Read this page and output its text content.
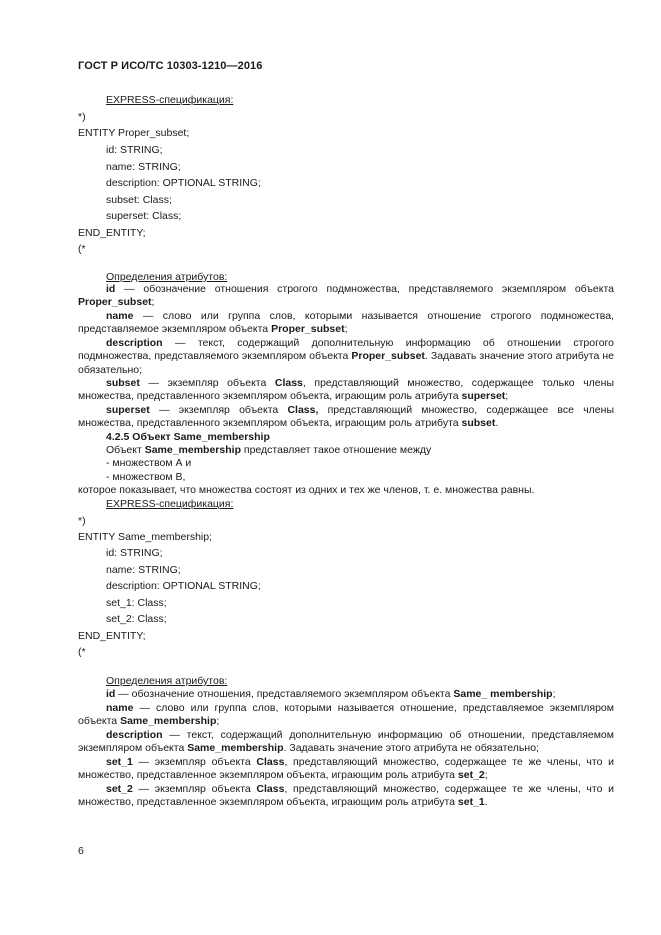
ГОСТ Р ИСО/ТС 10303-1210—2016
EXPRESS-спецификация:
*)
ENTITY Proper_subset;
id: STRING;
name: STRING;
description: OPTIONAL STRING;
subset: Class;
superset: Class;
END_ENTITY;
(*
Определения атрибутов:
id — обозначение отношения строгого подмножества, представляемого экземпляром объекта Proper_subset;
name — слово или группа слов, которыми называется отношение строгого подмножества, представляемое экземпляром объекта Proper_subset;
description — текст, содержащий дополнительную информацию об отношении строгого подмножества, представляемого экземпляром объекта Proper_subset. Задавать значение этого атрибута не обязательно;
subset — экземпляр объекта Class, представляющий множество, содержащее только члены множества, представленного экземпляром объекта, играющим роль атрибута superset;
superset — экземпляр объекта Class, представляющий множество, содержащее все члены множества, представленного экземпляром объекта, играющим роль атрибута subset.
4.2.5 Объект Same_membership
Объект Same_membership представляет такое отношение между
- множеством А и
- множеством В,
которое показывает, что множества состоят из одних и тех же членов, т. е. множества равны.
EXPRESS-спецификация:
*)
ENTITY Same_membership;
id: STRING;
name: STRING;
description: OPTIONAL STRING;
set_1: Class;
set_2: Class;
END_ENTITY;
(*
Определения атрибутов:
id — обозначение отношения, представляемого экземпляром объекта Same_ membership;
name — слово или группа слов, которыми называется отношение, представляемое экземпляром объекта Same_membership;
description — текст, содержащий дополнительную информацию об отношении, представляемом экземпляром объекта Same_membership. Задавать значение этого атрибута не обязательно;
set_1 — экземпляр объекта Class, представляющий множество, содержащее те же члены, что и множество, представленное экземпляром объекта, играющим роль атрибута set_2;
set_2 — экземпляр объекта Class, представляющий множество, содержащее те же члены, что и множество, представленное экземпляром объекта, играющим роль атрибута set_1.
6
